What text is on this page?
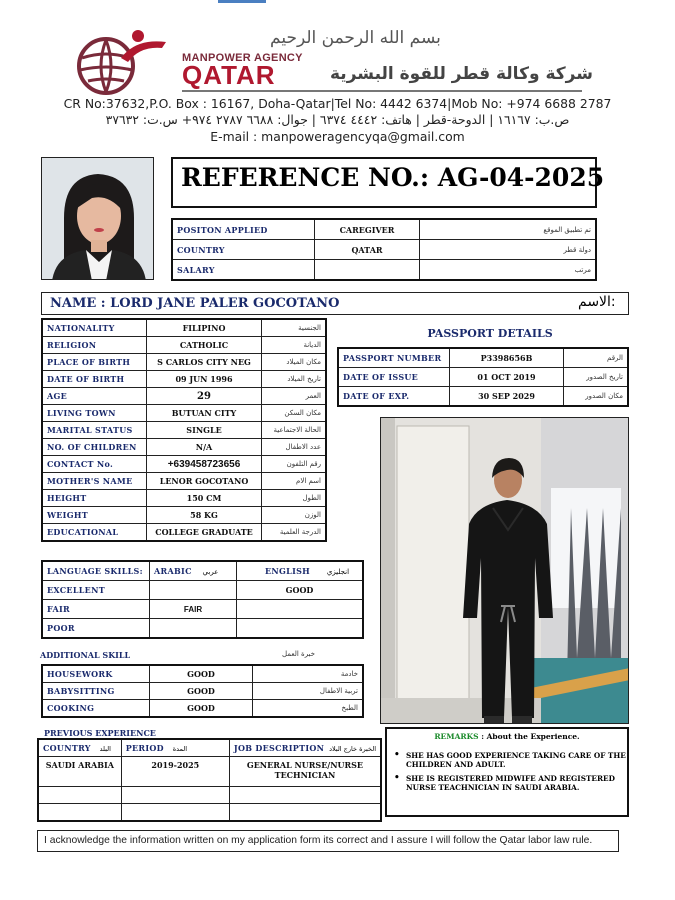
بسم الله الرحمن الرحيم
MANPOWER AGENCY
QATAR	شركة وكالة قطر للقوة البشرية
CR No:37632,P.O. Box : 16167, Doha-Qatar|Tel No: 4442 6374|Mob No: +974 6688 2787
ص.ب: ١٦١٦٧ | الدوحة-قطر | هاتف: ٤٤٤٢ ٦٣٧٤ | جوال: ٦٦٨٨ ٢٧٨٧ ٩٧٤+ س.ت: ٣٧٦٣٢
E-mail : manpoweragencyqa@gmail.com
REFERENCE NO.: AG-04-2025
POSITON APPLIED	CAREGIVER	تم تطبيق الموقع
COUNTRY	QATAR	دولة قطر
SALARY		مرتب
NAME : LORD JANE PALER GOCOTANO	الاسم:
NATIONALITY	FILIPINO	الجنسية
RELIGION	CATHOLIC	الديانة
PLACE OF BIRTH	S CARLOS CITY NEG	مكان الميلاد
DATE OF BIRTH	09 JUN 1996	تاريخ الميلاد
AGE	29	العمر
LIVING TOWN	BUTUAN CITY	مكان السكن
MARITAL STATUS	SINGLE	الحالة الاجتماعية
NO. OF CHILDREN	N/A	عدد الاطفال
CONTACT No.	+639458723656	رقم التلفون
MOTHER'S NAME	LENOR GOCOTANO	اسم الام
HEIGHT	150 CM	الطول
WEIGHT	58 KG	الوزن
EDUCATIONAL	COLLEGE GRADUATE	الدرجة العلمية
PASSPORT DETAILS
PASSPORT NUMBER	P3398656B	الرقم
DATE OF ISSUE	01 OCT 2019	تاريخ الصدور
DATE OF EXP.	30 SEP 2029	مكان الصدور
LANGUAGE SKILLS:	ARABIC عربي	ENGLISH انجليزي
EXCELLENT		GOOD
FAIR	FAIR	
POOR		
ADDITIONAL SKILL	خبرة العمل
HOUSEWORK	GOOD	خادمة
BABYSITTING	GOOD	تربية الاطفال
COOKING	GOOD	الطبخ
PREVIOUS EXPERIENCE
COUNTRY البلد	PERIOD المدة	JOB DESCRIPTION الخبرة خارج البلاد
SAUDI ARABIA	2019-2025	GENERAL NURSE/NURSE TECHNICIAN

REMARKS : About the Experience.
• SHE HAS GOOD EXPERIENCE TAKING CARE OF THE CHILDREN AND ADULT.
• SHE IS REGISTERED MIDWIFE AND REGISTERED NURSE TEACHNICIAN IN SAUDI ARABIA.
I acknowledge the information written on my application form its correct and I assure I will follow the Qatar labor law rule.
